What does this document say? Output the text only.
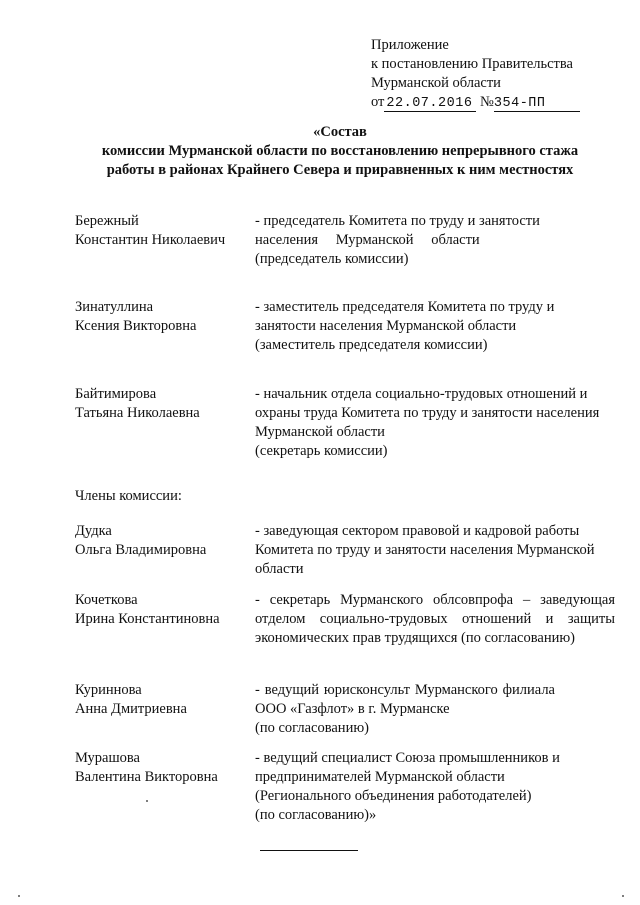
Приложение
к постановлению Правительства
Мурманской области
от 22.07.2016 №354-ПП
«Состав
комиссии Мурманской области по восстановлению непрерывного стажа
работы в районах Крайнего Севера и приравненных к ним местностях
Бережный
Константин Николаевич
- председатель Комитета по труду и занятости
населения Мурманской области
(председатель комиссии)
Зинатуллина
Ксения Викторовна
- заместитель председателя Комитета по труду и
занятости населения Мурманской области
(заместитель председателя комиссии)
Байтимирова
Татьяна Николаевна
- начальник отдела социально-трудовых отношений и
охраны труда Комитета по труду и занятости населения
Мурманской области
(секретарь комиссии)
Члены комиссии:
Дудка
Ольга Владимировна
- заведующая сектором правовой и кадровой работы
Комитета по труду и занятости населения Мурманской
области
Кочеткова
Ирина Константиновна
- секретарь Мурманского облсовпрофа – заведующая
отделом социально-трудовых отношений и защиты
экономических прав трудящихся (по согласованию)
Куриннова
Анна Дмитриевна
- ведущий юрисконсульт Мурманского филиала
ООО «Газфлот» в г. Мурманске
(по согласованию)
Мурашова
Валентина Викторовна
- ведущий специалист Союза промышленников и
предпринимателей Мурманской области
(Регионального объединения работодателей)
(по согласованию)»
